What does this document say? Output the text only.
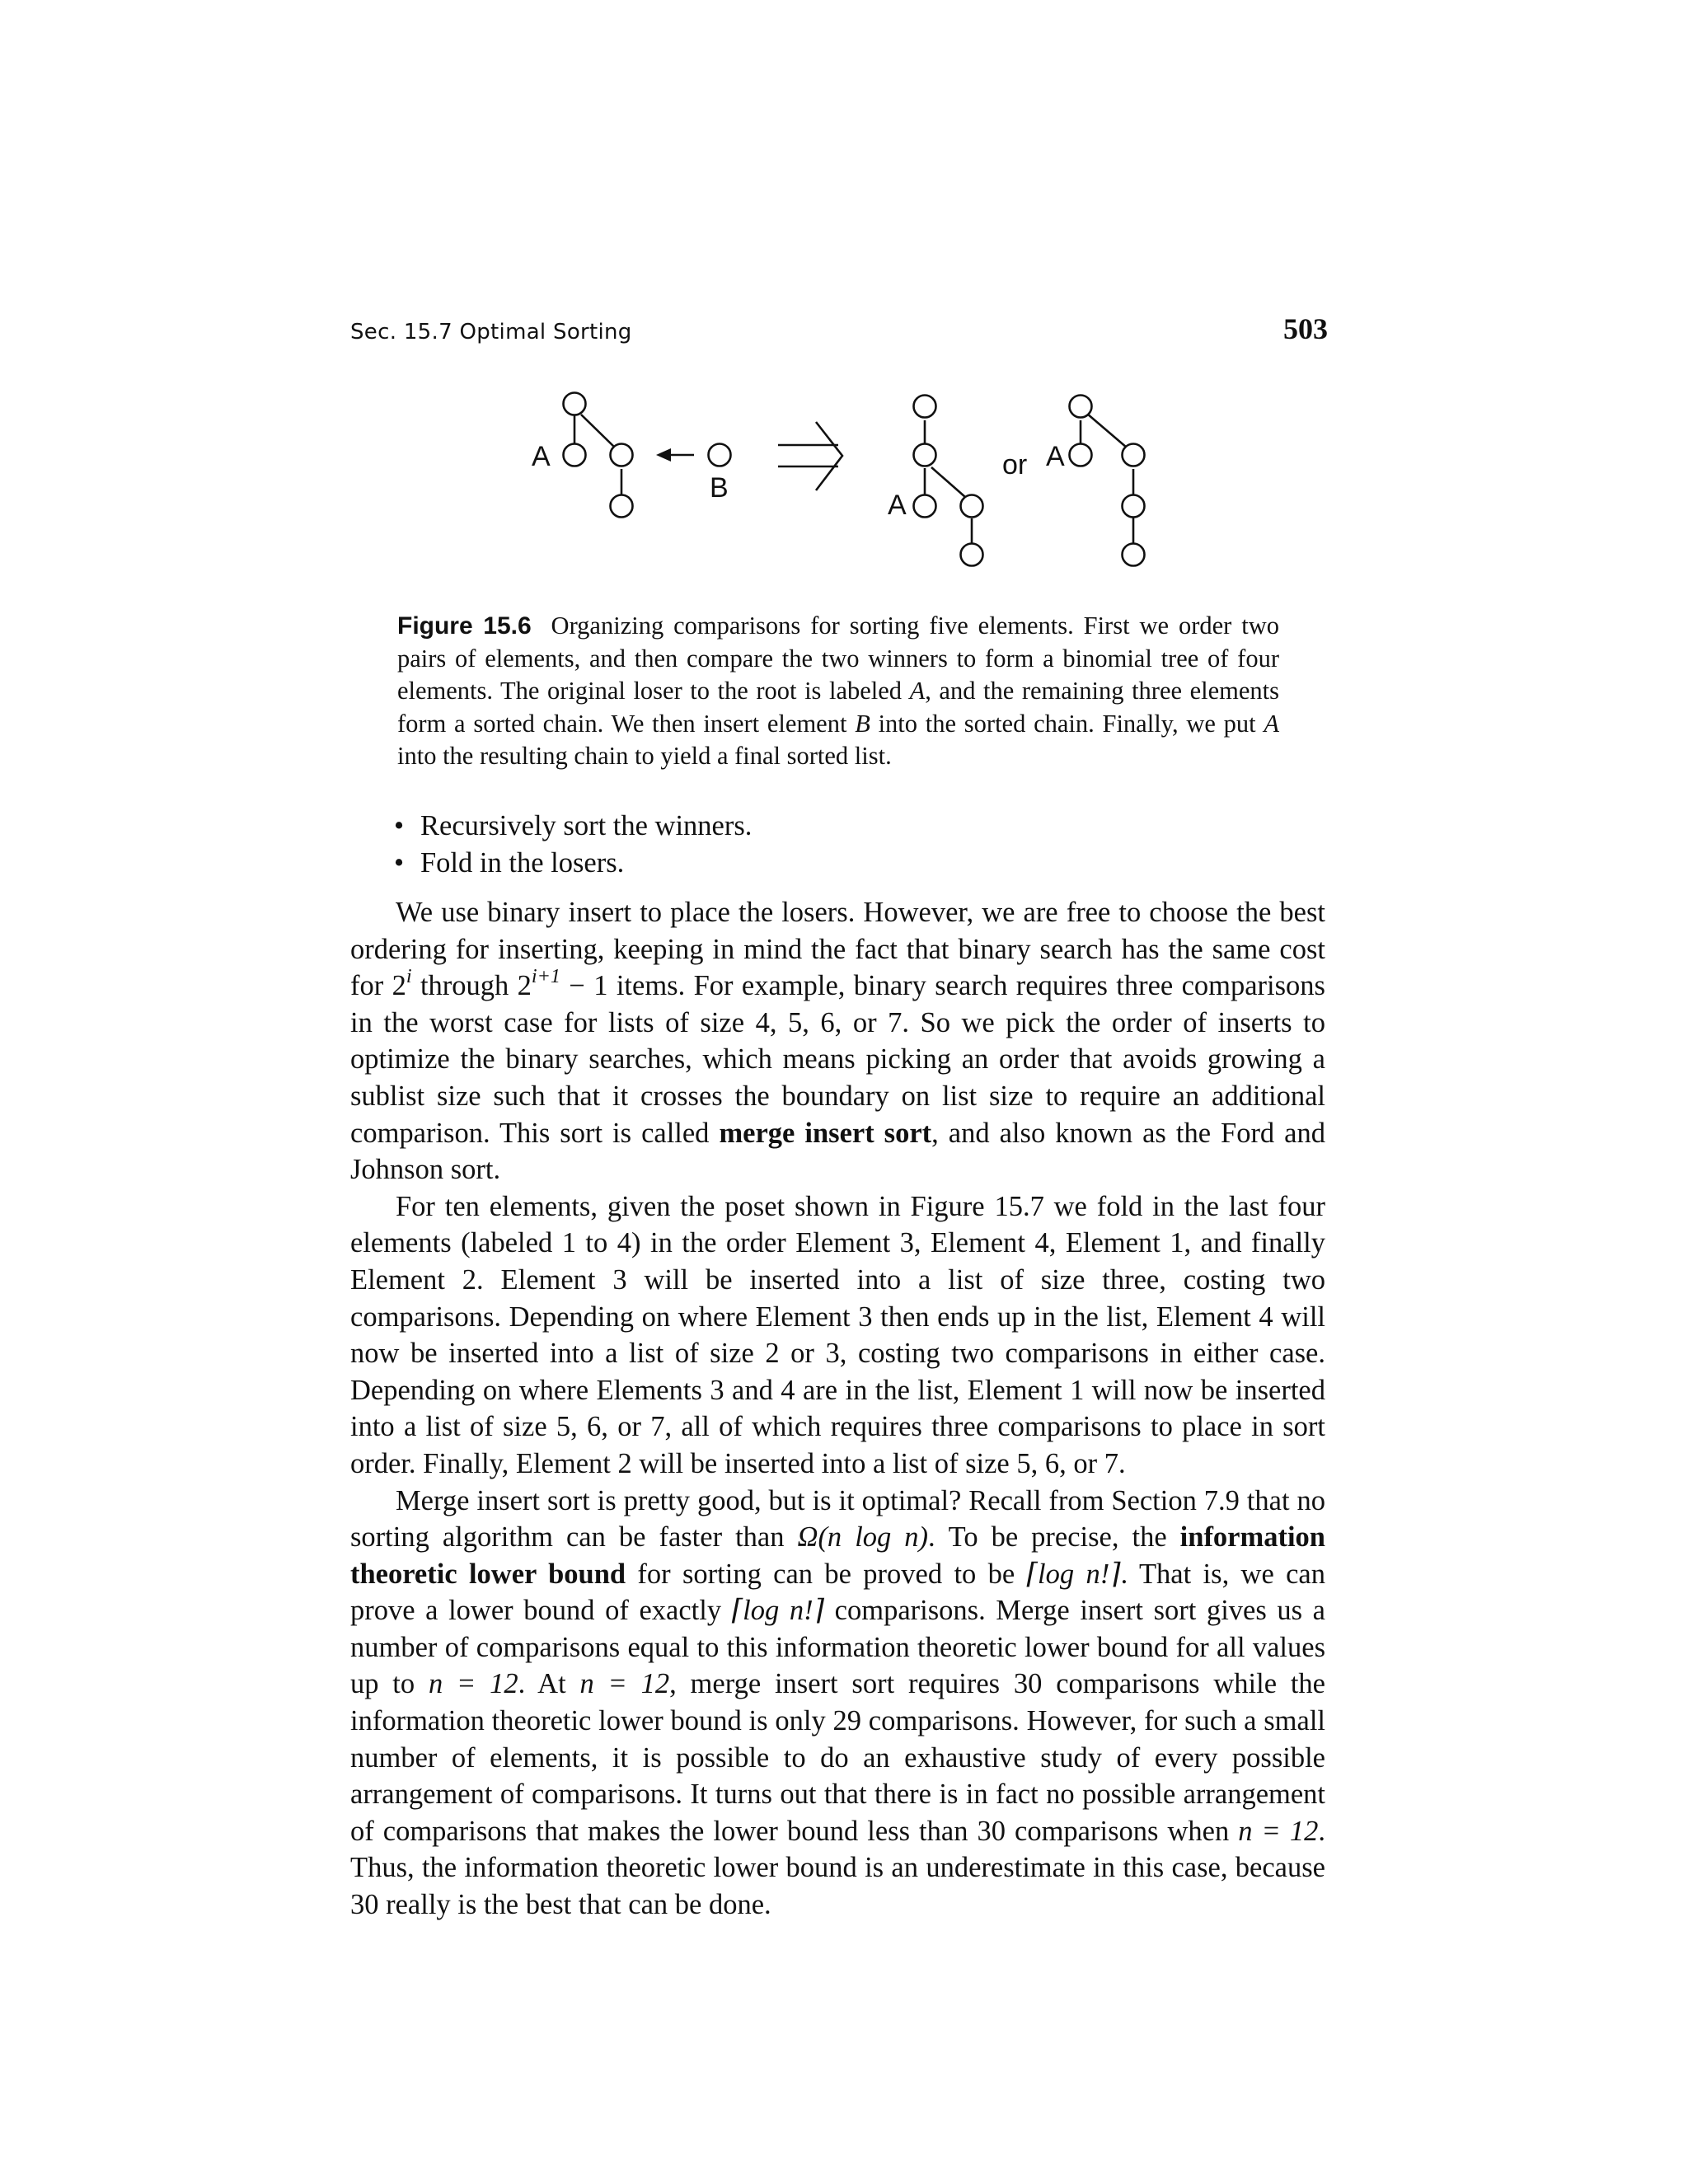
Sec. 15.7 Optimal Sorting	503
A
B
or
A
A
Figure 15.6 Organizing comparisons for sorting five elements. First we order two pairs of elements, and then compare the two winners to form a binomial tree of four elements. The original loser to the root is labeled A, and the remaining three elements form a sorted chain. We then insert element B into the sorted chain. Finally, we put A into the resulting chain to yield a final sorted list.
• Recursively sort the winners.
• Fold in the losers.

We use binary insert to place the losers. However, we are free to choose the best ordering for inserting, keeping in mind the fact that binary search has the same cost for 2$^i$ through $2^{i+1} - 1$ items. For example, binary search requires three comparisons in the worst case for lists of size 4, 5, 6, or 7. So we pick the order of inserts to optimize the binary searches, which means picking an order that avoids growing a sublist size such that it crosses the boundary on list size to require an additional comparison. This sort is called merge insert sort, and also known as the Ford and Johnson sort.

For ten elements, given the poset shown in Figure 15.7 we fold in the last four elements (labeled 1 to 4) in the order Element 3, Element 4, Element 1, and finally Element 2. Element 3 will be inserted into a list of size three, costing two comparisons. Depending on where Element 3 then ends up in the list, Element 4 will now be inserted into a list of size 2 or 3, costing two comparisons in either case. Depending on where Elements 3 and 4 are in the list, Element 1 will now be inserted into a list of size 5, 6, or 7, all of which requires three comparisons to place in sort order. Finally, Element 2 will be inserted into a list of size 5, 6, or 7.

Merge insert sort is pretty good, but is it optimal? Recall from Section 7.9 that no sorting algorithm can be faster than Ω(n log n). To be precise, the information theoretic lower bound for sorting can be proved to be ⌈log n!⌉. That is, we can prove a lower bound of exactly ⌈log n!⌉ comparisons. Merge insert sort gives us a number of comparisons equal to this information theoretic lower bound for all values up to n = 12. At n = 12, merge insert sort requires 30 comparisons while the information theoretic lower bound is only 29 comparisons. However, for such a small number of elements, it is possible to do an exhaustive study of every possible arrangement of comparisons. It turns out that there is in fact no possible arrangement of comparisons that makes the lower bound less than 30 comparisons when n = 12. Thus, the information theoretic lower bound is an underestimate in this case, because 30 really is the best that can be done.
